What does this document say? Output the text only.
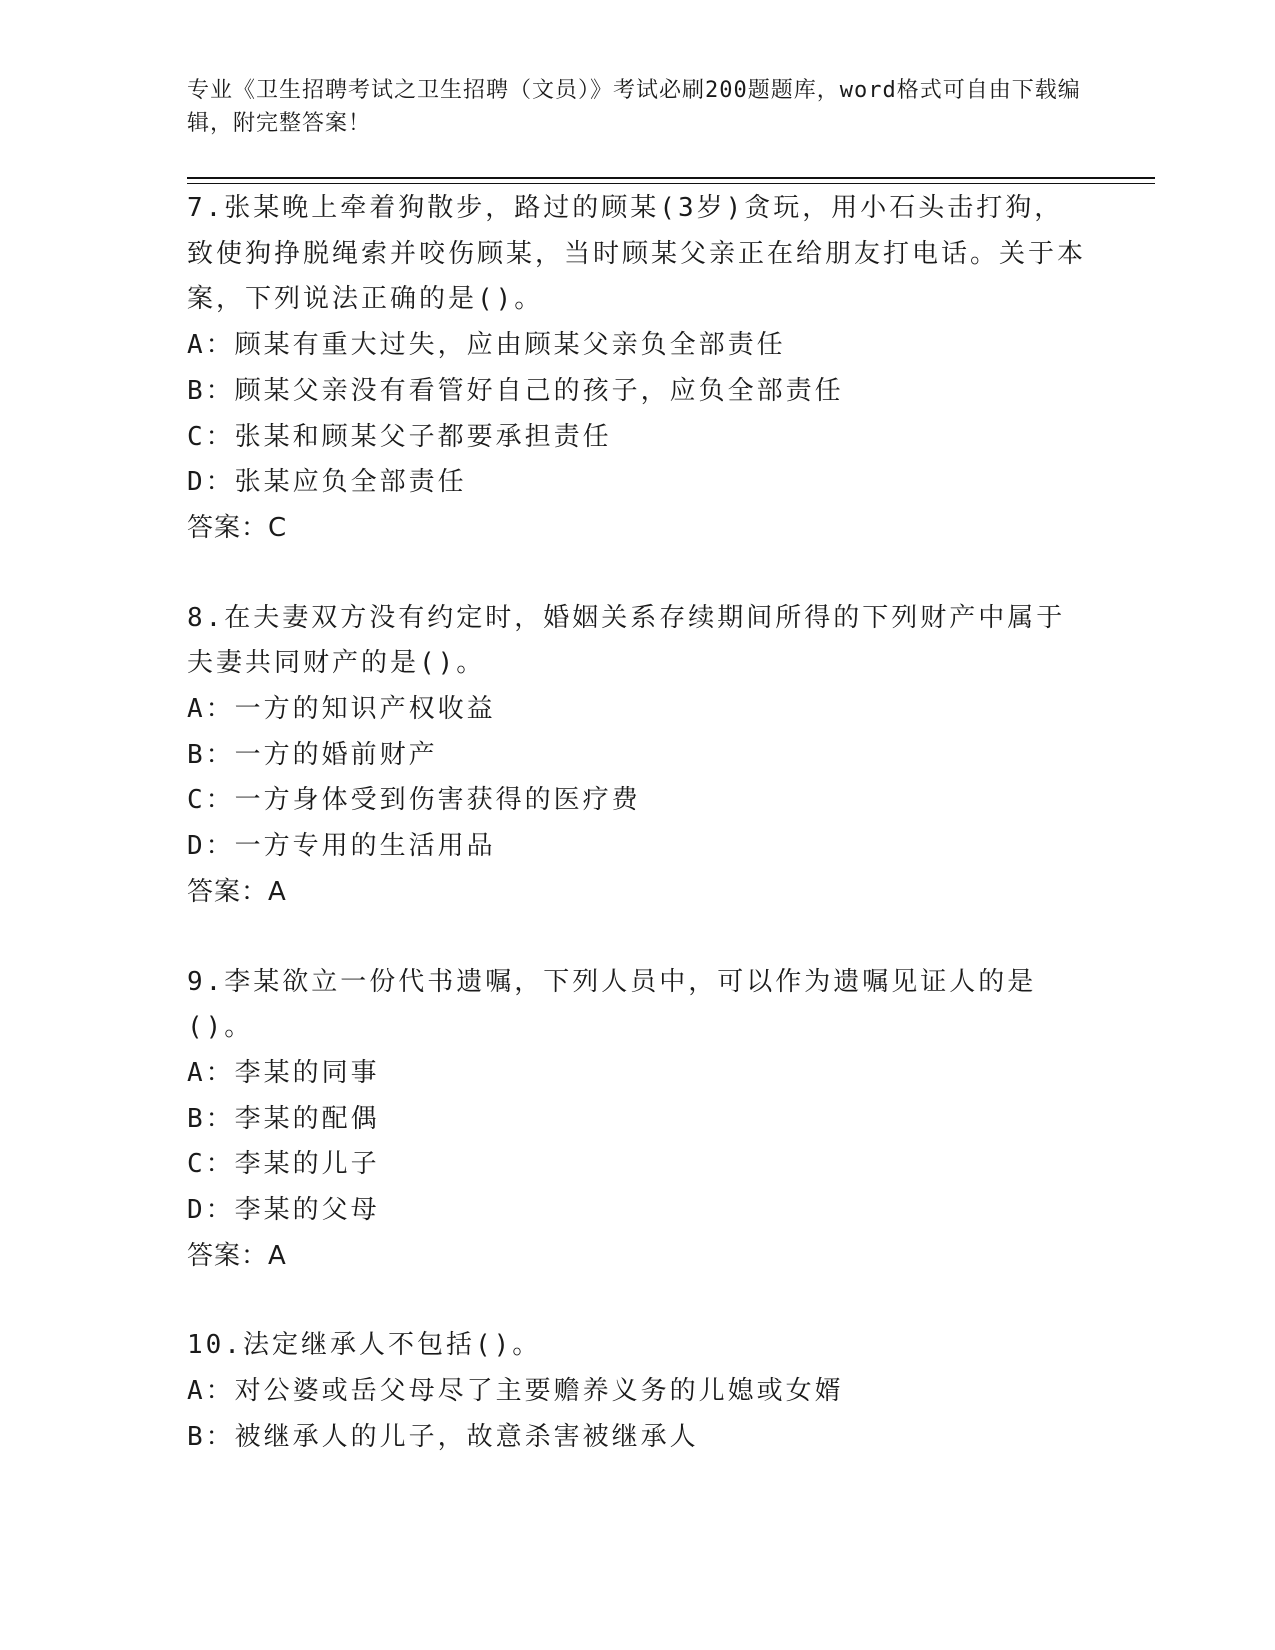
专业《卫生招聘考试之卫生招聘（文员）》考试必刷200题题库，word格式可自由下载编辑，附完整答案！

7.张某晚上牵着狗散步，路过的顾某(3岁)贪玩，用小石头击打狗，致使狗挣脱绳索并咬伤顾某，当时顾某父亲正在给朋友打电话。关于本案，下列说法正确的是()。

A：顾某有重大过失，应由顾某父亲负全部责任

B：顾某父亲没有看管好自己的孩子，应负全部责任

C：张某和顾某父子都要承担责任

D：张某应负全部责任

答案：C

8.在夫妻双方没有约定时，婚姻关系存续期间所得的下列财产中属于夫妻共同财产的是()。

A：一方的知识产权收益

B：一方的婚前财产

C：一方身体受到伤害获得的医疗费

D：一方专用的生活用品

答案：A

9.李某欲立一份代书遗嘱，下列人员中，可以作为遗嘱见证人的是()。

A：李某的同事

B：李某的配偶

C：李某的儿子

D：李某的父母

答案：A

10.法定继承人不包括()。

A：对公婆或岳父母尽了主要赡养义务的儿媳或女婿

B：被继承人的儿子，故意杀害被继承人
